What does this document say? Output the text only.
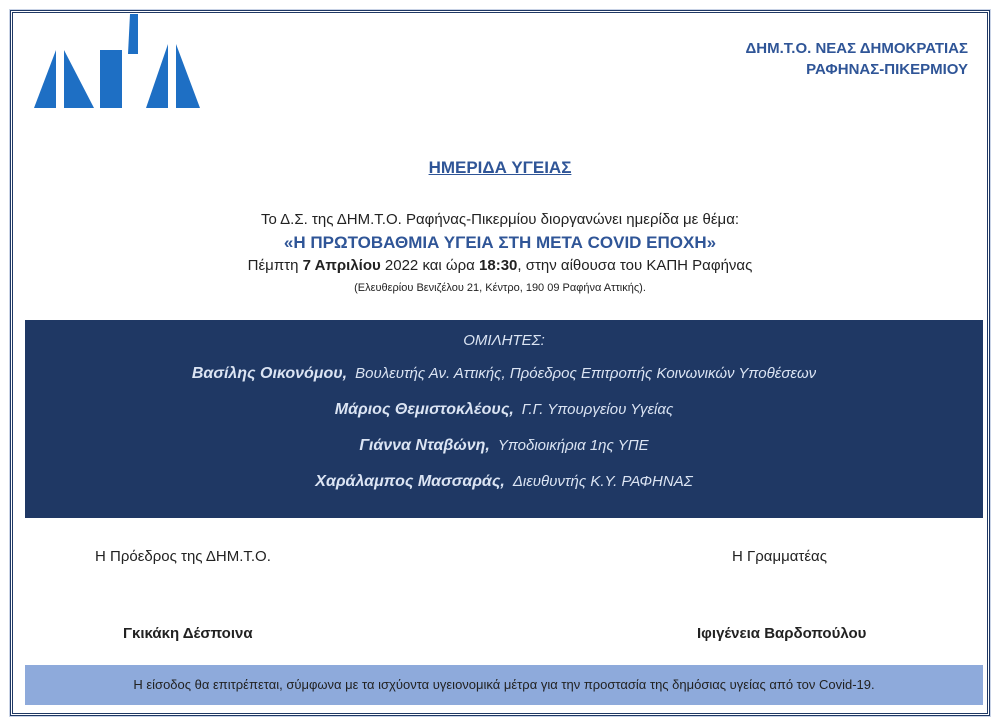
ΔΗΜ.Τ.Ο. ΝΕΑΣ ΔΗΜΟΚΡΑΤΙΑΣ
ΡΑΦΗΝΑΣ-ΠΙΚΕΡΜΙΟΥ
ΗΜΕΡΙΔΑ ΥΓΕΙΑΣ
Το Δ.Σ. της ΔΗΜ.Τ.Ο. Ραφήνας-Πικερμίου διοργανώνει ημερίδα με θέμα:
«Η ΠΡΩΤΟΒΑΘΜΙΑ ΥΓΕΙΑ ΣΤΗ ΜΕΤΑ COVID ΕΠΟΧΗ»
Πέμπτη 7 Απριλίου 2022 και ώρα 18:30, στην αίθουσα του ΚΑΠΗ Ραφήνας
(Ελευθερίου Βενιζέλου 21, Κέντρο, 190 09 Ραφήνα Αττικής).
ΟΜΙΛΗΤΕΣ:
Βασίλης Οικονόμου, Βουλευτής Αν. Αττικής, Πρόεδρος Επιτροπής Κοινωνικών Υποθέσεων
Μάριος Θεμιστοκλέους, Γ.Γ. Υπουργείου Υγείας
Γιάννα Νταβώνη, Υποδιοικήρια 1ης ΥΠΕ
Χαράλαμπος Μασσαράς, Διευθυντής Κ.Υ. ΡΑΦΗΝΑΣ
Η Πρόεδρος της ΔΗΜ.Τ.Ο.	Η Γραμματέας
Γκικάκη Δέσποινα	Ιφιγένεια Βαρδοπούλου
Η είσοδος θα επιτρέπεται, σύμφωνα με τα ισχύοντα υγειονομικά μέτρα για την προστασία της δημόσιας υγείας από τον Covid-19.
